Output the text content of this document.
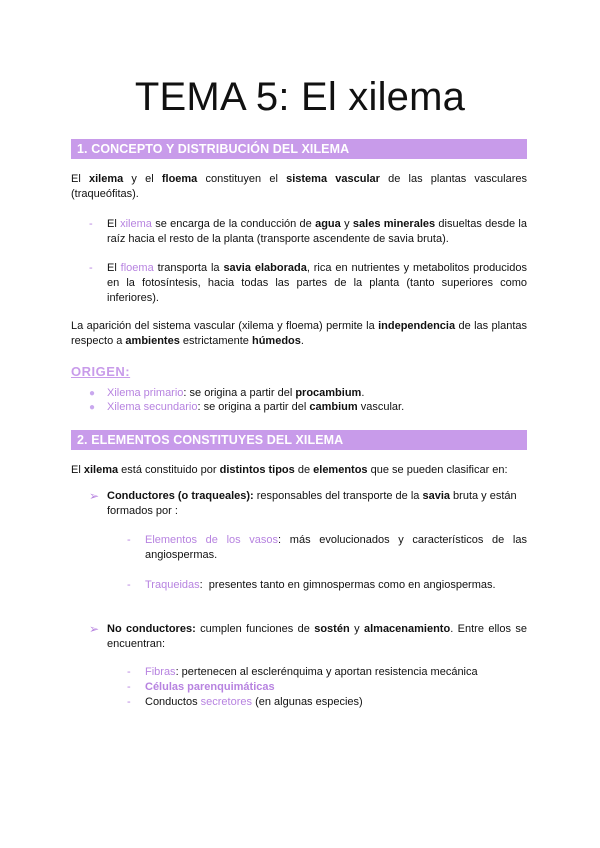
TEMA 5: El xilema
1. CONCEPTO Y DISTRIBUCIÓN DEL XILEMA
El xilema y el floema constituyen el sistema vascular de las plantas vasculares (traqueófitas).
- El xilema se encarga de la conducción de agua y sales minerales disueltas desde la raíz hacia el resto de la planta (transporte ascendente de savia bruta).
- El floema transporta la savia elaborada, rica en nutrientes y metabolitos producidos en la fotosíntesis, hacia todas las partes de la planta (tanto superiores como inferiores).
La aparición del sistema vascular (xilema y floema) permite la independencia de las plantas respecto a ambientes estrictamente húmedos.
ORIGEN:
● Xilema primario: se origina a partir del procambium.
● Xilema secundario: se origina a partir del cambium vascular.
2. ELEMENTOS CONSTITUYES DEL XILEMA
El xilema está constituido por distintos tipos de elementos que se pueden clasificar en:
➢ Conductores (o traqueales): responsables del transporte de la savia bruta y están formados por :
- Elementos de los vasos: más evolucionados y característicos de las angiospermas.
- Traqueidas:  presentes tanto en gimnospermas como en angiospermas.
➢ No conductores: cumplen funciones de sostén y almacenamiento. Entre ellos se encuentran:
- Fibras: pertenecen al esclerénquima y aportan resistencia mecánica
- Células parenquimáticas
- Conductos secretores (en algunas especies)
